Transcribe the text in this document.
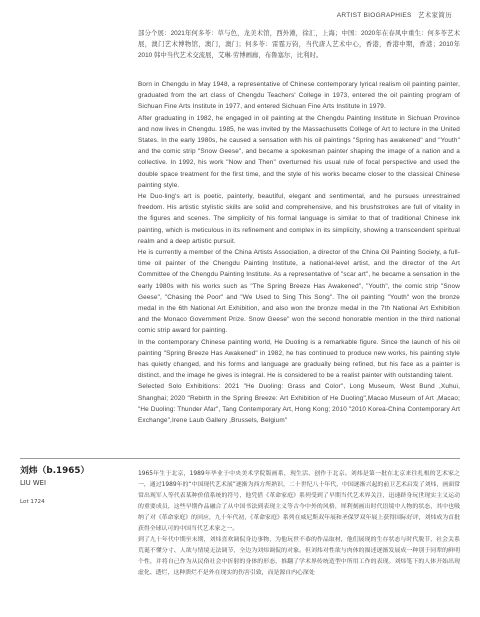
ARTIST BIOGRAPHIES 艺术家简历

部分个展：2021年何多苓：草与色，龙美术馆，西外滩，徐汇，上海；中国：2020年在春风中重生：何多苓艺术展，澳门艺术博物馆，澳门，澳门；何多苓：雷霆万钧，当代唐人艺术中心，香港，香港中期，香港；2010年 2010 韩中当代艺术交流展，艾琳·劳博画廊，布鲁塞尔，比利时。

Born in Chengdu in May 1948, a representative of Chinese contemporary lyrical realism oil painting painter, graduated from the art class of Chengdu Teachers' College in 1973, entered the oil painting program of Sichuan Fine Arts Institute in 1977, and entered Sichuan Fine Arts Institute in 1979.

After graduating in 1982, he engaged in oil painting at the Chengdu Painting Institute in Sichuan Province and now lives in Chengdu. 1985, he was invited by the Massachusetts College of Art to lecture in the United States. In the early 1980s, he caused a sensation with his oil paintings "Spring has awakened" and "Youth" and the comic strip "Snow Geese", and became a spokesman painter shaping the image of a nation and a collective. In 1992, his work "Now and Then" overturned his usual rule of focal perspective and used the double space treatment for the first time, and the style of his works became closer to the classical Chinese painting style.

He Duo-ling's art is poetic, painterly, beautiful, elegant and sentimental, and he pursues unrestrained freedom. His artistic stylistic skills are solid and comprehensive, and his brushstrokes are full of vitality in the figures and scenes. The simplicity of his formal language is similar to that of traditional Chinese ink painting, which is meticulous in its refinement and complex in its simplicity, showing a transcendent spiritual realm and a deep artistic pursuit.

He is currently a member of the China Artists Association, a director of the China Oil Painting Society, a full-time oil painter of the Chengdu Painting Institute, a national-level artist, and the director of the Art Committee of the Chengdu Painting Institute. As a representative of "scar art", he became a sensation in the early 1980s with his works such as "The Spring Breeze Has Awakened", "Youth", the comic strip "Snow Geese", "Chasing the Poor" and "We Used to Sing This Song". The oil painting "Youth" won the bronze medal in the 6th National Art Exhibition, and also won the bronze medal in the 7th National Art Exhibition and the Monaco Government Prize. Snow Geese" won the second honorable mention in the third national comic strip award for painting.

In the contemporary Chinese painting world, He Duoling is a remarkable figure. Since the launch of his oil painting "Spring Breeze Has Awakened" in 1982, he has continued to produce new works, his painting style has quietly changed, and his forms and language are gradually being refined, but his face as a painter is distinct, and the image he gives is integral. He is considered to be a realist painter with outstanding talent.

Selected Solo Exhibitions: 2021 "He Duoling: Grass and Color", Long Museum, West Bund ,Xuhui, Shanghai; 2020 "Rebirth in the Spring Breeze: Art Exhibition of He Duoling",Macao Museum of Art ,Macao; "He Duoling: Thunder Afar", Tang Contemporary Art, Hong Kong; 2010 "2010 Korea-China Contemporary Art Exchange",Irene Laub Gallery ,Brussels, Belgium"

刘炜（b.1965）
LIU WEI
Lot 1724

1965年生于北京，1989年毕业于中央美术学院版画系，现生活、创作于北京。刘炜是第一批在北京来往扎根的艺术家之一，通过1989年的“中国现代艺术展”逐渐为西方所熟识，二十世纪八十年代，中国逐渐兴起的前卫艺术启发了刘炜，画面常常出现军人等代表某种价值系统的符号，他凭借《革命家庭》系列受到了早期当代艺术界关注，迅速跻身玩世现实主义运动的重要成员，这些早期作品融合了从中国书法到表现主义等古今中外的风格，犀利刻画出时代语境中人物的状态，其中也吸纳了对《革命家庭》的回应，九十年代初，《革命家庭》系列在威尼斯双年展和圣保罗双年展上获得国际好评，刘炜成为首批获得全球认可的中国当代艺术家之一。

到了九十年代中期至末期，刘炜喜欢调侃身边事物，为他玩世不恭的作品取材，他们展现的生存状态与时代脱节，社会关系荒诞不懂分寸、人欲与情境无法调节，全边为刘炜调侃的对象。但刘炜对性欲与肉体的描述逐渐发展成一种别于同辈的鲜明个性，并将自己作为从民俗社会中折射的身体的形态，推翻了学术界传统造型中所用工作的表现。刘炜笔下的人体开始出现虚化、透烂，这种溃烂不是外在现实的伤害引致，而是源自内心深处
